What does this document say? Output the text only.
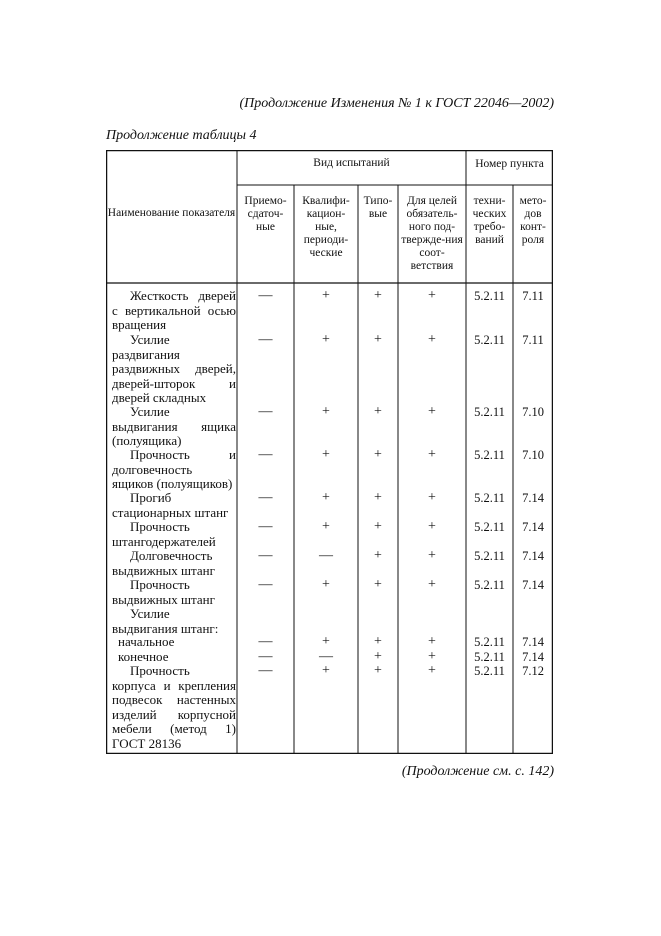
(Продолжение Изменения № 1 к ГОСТ 22046—2002)
Продолжение таблицы 4
Наименование показателя
Вид испытаний	Номер пункта
Приемо-сдаточ-ные
Квалифи-кацион-ные, периоди-ческие
Типо-вые
Для целей обязатель-ного под-твержде-ния соот-ветствия
техни-ческих требо-ваний
мето-дов конт-роля
Жесткость дверей с вертикальной осью вращения
—	+	+	+	5.2.11	7.11
Усилие раздвигания раздвижных дверей, дверей-шторок и дверей складных
—	+	+	+	5.2.11	7.11
Усилие выдвигания ящика (полуящика)
—	+	+	+	5.2.11	7.10
Прочность и долговечность ящиков (полуящиков)
—	+	+	+	5.2.11	7.10
Прогиб стационарных штанг
—	+	+	+	5.2.11	7.14
Прочность штангодержателей
—	+	+	+	5.2.11	7.14
Долговечность выдвижных штанг
—	—	+	+	5.2.11	7.14
Прочность выдвижных штанг
—	+	+	+	5.2.11	7.14
Усилие выдвигания штанг:
начальное	—	+	+	+	5.2.11	7.14
конечное	—	—	+	+	5.2.11	7.14
Прочность корпуса и крепления подвесок настенных изделий корпусной мебели (метод 1) ГОСТ 28136
—	+	+	+	5.2.11	7.12
(Продолжение см. с. 142)
